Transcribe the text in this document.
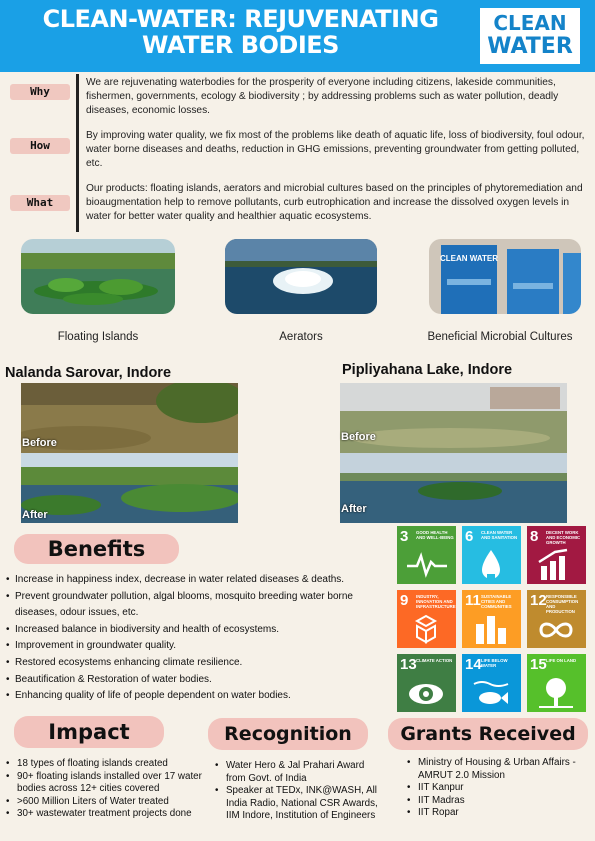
CLEAN-WATER: REJUVENATING WATER BODIES
CLEAN
WATER
Why
We are rejuvenating waterbodies for the prosperity of everyone including citizens, lakeside communities, fishermen, governments, ecology & biodiversity ; by addressing problems such as water pollution, deadly diseases, economic losses.
How
By improving water quality, we fix most of the problems like death of aquatic life, loss of biodiversity, foul odour, water borne diseases and deaths, reduction in GHG emissions, preventing groundwater from getting polluted, etc.
What
Our products: floating islands, aerators and microbial cultures based on the principles of phytoremediation and bioaugmentation help to remove pollutants, curb eutrophication and increase the dissolved oxygen levels in water for better water quality and healthier aquatic ecosystems.
Floating Islands	Aerators
CLEAN WATER
Beneficial Microbial Cultures
Nalanda Sarovar, Indore
Before
After
Pipliyahana Lake, Indore
Before
After
Benefits
• Increase in happiness index, decrease in water related diseases & deaths.
• Prevent groundwater pollution, algal blooms, mosquito breeding water borne diseases, odour issues, etc.
• Increased balance in biodiversity and health of ecosystems.
• Improvement in groundwater quality.
• Restored ecosystems enhancing climate resilience.
• Beautification & Restoration of water bodies.
• Enhancing quality of life of people dependent on water bodies.
3 GOOD HEALTH AND WELL-BEING 6 CLEAN WATER AND SANITATION 8 DECENT WORK AND ECONOMIC GROWTH
9 INDUSTRY, INNOVATION AND INFRASTRUCTURE 11 SUSTAINABLE CITIES AND COMMUNITIES	12 RESPONSIBLE CONSUMPTION AND PRODUCTION
13 CLIMATE ACTION 14 LIFE BELOW WATER	15 LIFE ON LAND
Impact
• 18 types of floating islands created
• 90+ floating islands installed over 17 water bodies across 12+ cities covered
• >600 Million Liters of Water treated
• 30+ wastewater treatment projects done
Recognition
• Water Hero & Jal Prahari Award from Govt. of India
• Speaker at TEDx, INK@WASH, All India Radio, National CSR Awards, IIM Indore, Institution of Engineers
Grants Received
• Ministry of Housing & Urban Affairs - AMRUT 2.0 Mission
• IIT Kanpur
• IIT Madras
• IIT Ropar
